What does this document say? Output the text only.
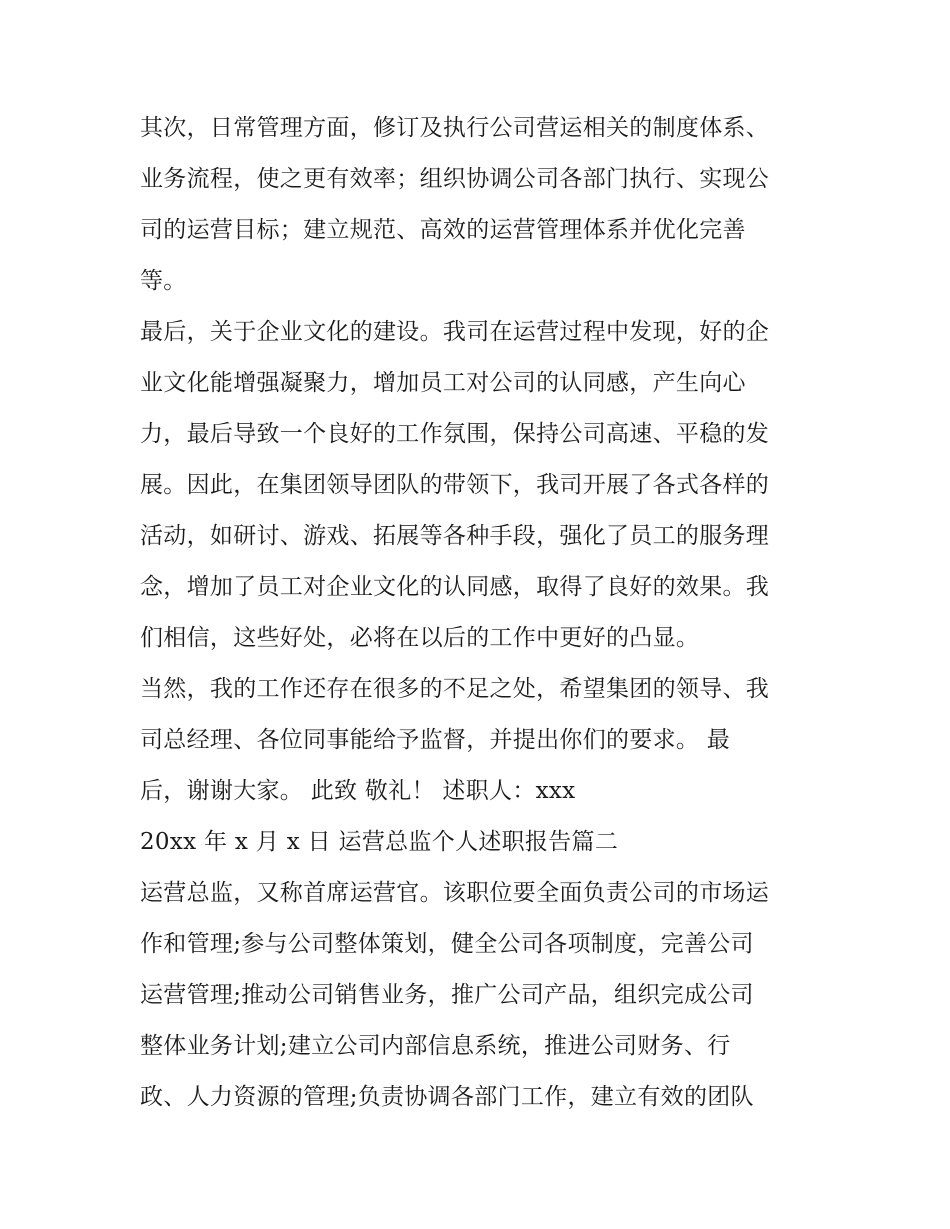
其次，日常管理方面，修订及执行公司营运相关的制度体系、
业务流程，使之更有效率；组织协调公司各部门执行、实现公
司的运营目标；建立规范、高效的运营管理体系并优化完善
等。

最后，关于企业文化的建设。我司在运营过程中发现，好的企
业文化能增强凝聚力，增加员工对公司的认同感，产生向心
力，最后导致一个良好的工作氛围，保持公司高速、平稳的发
展。因此，在集团领导团队的带领下，我司开展了各式各样的
活动，如研讨、游戏、拓展等各种手段，强化了员工的服务理
念，增加了员工对企业文化的认同感，取得了良好的效果。我
们相信，这些好处，必将在以后的工作中更好的凸显。

当然，我的工作还存在很多的不足之处，希望集团的领导、我
司总经理、各位同事能给予监督，并提出你们的要求。 最
后，谢谢大家。 此致 敬礼！ 述职人：xxx

20xx 年 x 月 x 日 运营总监个人述职报告篇二

运营总监，又称首席运营官。该职位要全面负责公司的市场运
作和管理;参与公司整体策划，健全公司各项制度，完善公司
运营管理;推动公司销售业务，推广公司产品，组织完成公司
整体业务计划;建立公司内部信息系统，推进公司财务、行
政、人力资源的管理;负责协调各部门工作，建立有效的团队
